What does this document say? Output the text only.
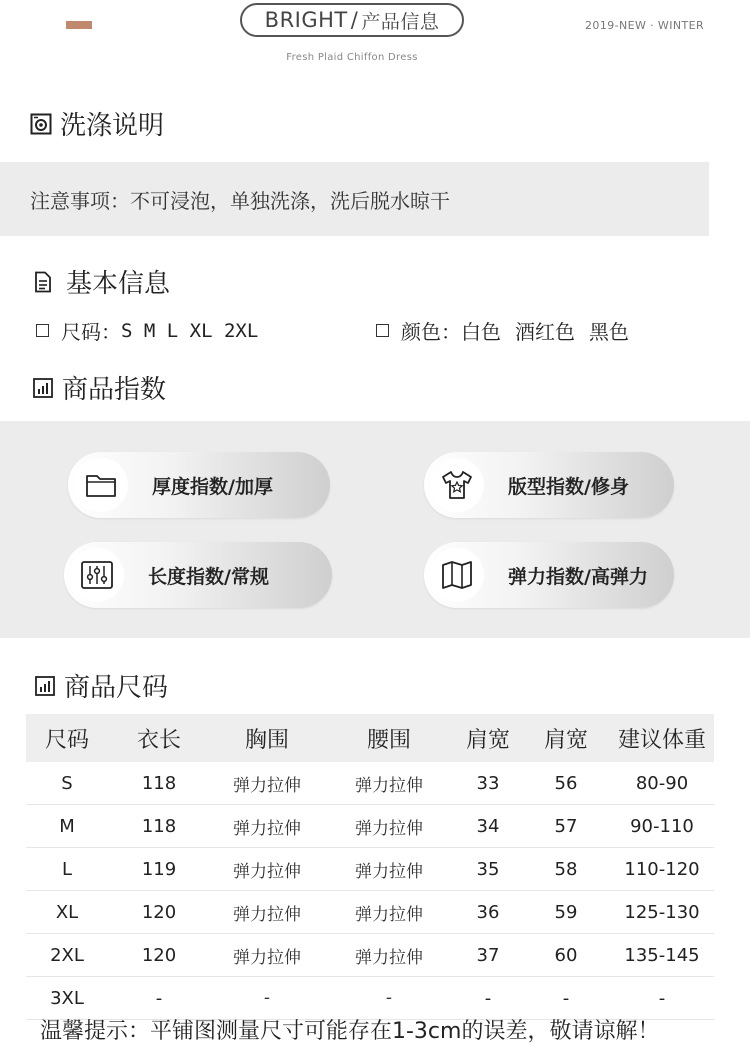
BRIGHT / 产品信息
Fresh Plaid Chiffon Dress
2019-NEW · WINTER
洗涤说明
注意事项：不可浸泡，单独洗涤，洗后脱水晾干
基本信息
尺码： S M L XL 2XL	颜色： 白色 酒红色 黑色
商品指数
厚度指数/加厚	版型指数/修身
长度指数/常规	弹力指数/高弹力
商品尺码
尺码	衣长	胸围	腰围	肩宽	肩宽	建议体重
S	118	弹力拉伸	弹力拉伸	33	56	80-90
M	118	弹力拉伸	弹力拉伸	34	57	90-110
L	119	弹力拉伸	弹力拉伸	35	58	110-120
XL	120	弹力拉伸	弹力拉伸	36	59	125-130
2XL	120	弹力拉伸	弹力拉伸	37	60	135-145
3XL	-	-	-	-	-	-
温馨提示：平铺图测量尺寸可能存在1-3cm的误差，敬请谅解！
